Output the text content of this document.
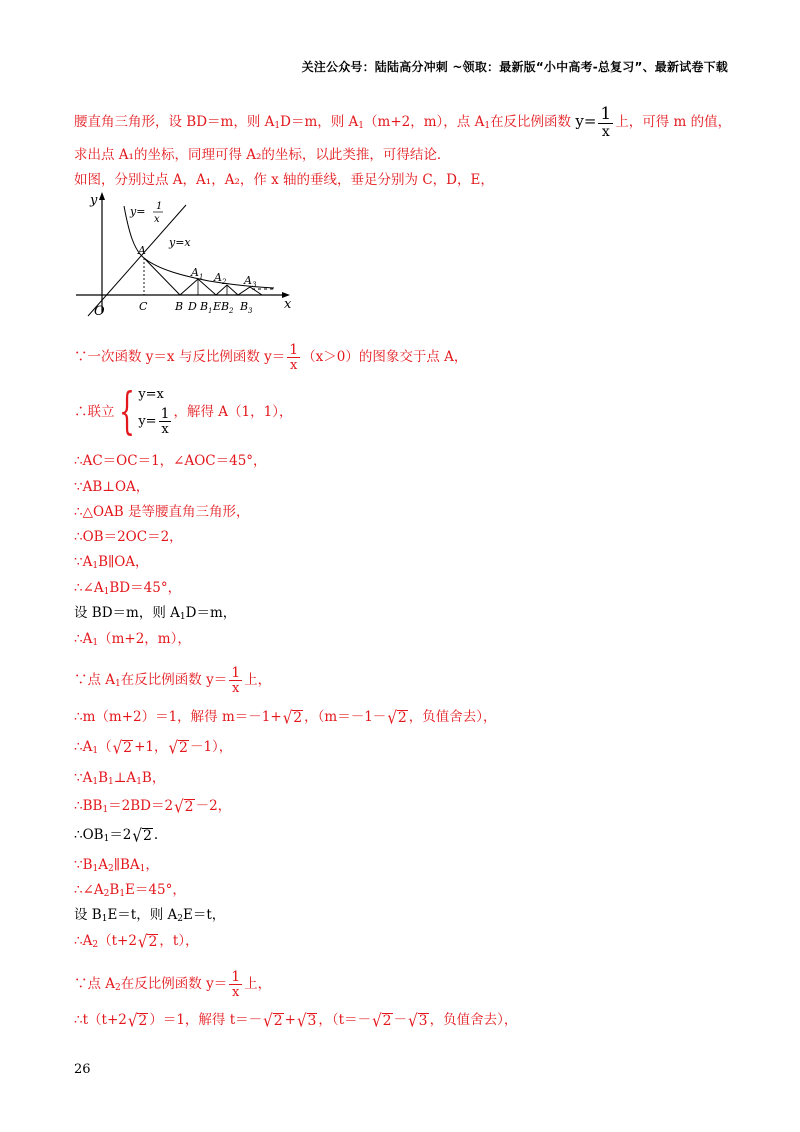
关注公众号：陆陆高分冲刺 ~领取：最新版“小中高考-总复习”、最新试卷下载
腰直角三角形，设 BD＝m，则 $A_1D=m$，则 $A_1(m+2$，m），点 $A_1$在反比例函数 $y= \frac{1}{x}$ 上，可得 m 的值，
求出点 A₁的坐标，同理可得 A₂的坐标，以此类推，可得结论．
如图，分别过点 A，A₁，A₂，作 x 轴的垂线，垂足分别为 C，D，E，
y
x
O
y= 1
x
y=x
A
A 1 A 2 A 3
C	B D B 1 E B 2 B 3
∵一次函数 y＝x 与反比例函数 $y= \frac{1}{x} (x>0)$的图象交于点 A，
∴联立 { y=x
$y= \frac{1}{x}$ ，解得 A（1，1），
∴AC＝OC＝1，∠AOC＝45°，
∵AB⊥OA，
∴△OAB 是等腰直角三角形，
∴OB＝2OC＝2，
$\because A_1B\parallel OA$，
$\therefore\angle A_1BD=45^\circ$，
设 BD＝m，则 $A_1D=m$，
$\therefore A_1(m+2$，m），
∵点 $A_1$在反比例函数 $y= \frac{1}{x}$ 上，
∴m（m+2）＝1，解得 m＝－1+ √ 2 ，（m＝－1－ √ 2 ，负值舍去），
$\therefore A_1$（ √ 2 +1， √ 2 －1），
$\because A_1B_1\perp A_1B$，
$\therefore BB_1=2BD=2$ √ 2 －2，
$\therefore OB_1=2$ √ 2 .
$\because B_1A_2\parallel BA_1$，
$\therefore\angle A_2B_1E=45^\circ$，
设 $B_1E=t$，则 $A_2E=t$，
$\therefore A_2(t+2$ √ 2 ，t），
∵点 $A_2$在反比例函数 $y= \frac{1}{x}$ 上，
∴t（t+2 √ 2 ）＝1，解得 t＝－ √ 2 + √ 3 ，（t＝－ √ 2 － √ 3 ，负值舍去），
26
